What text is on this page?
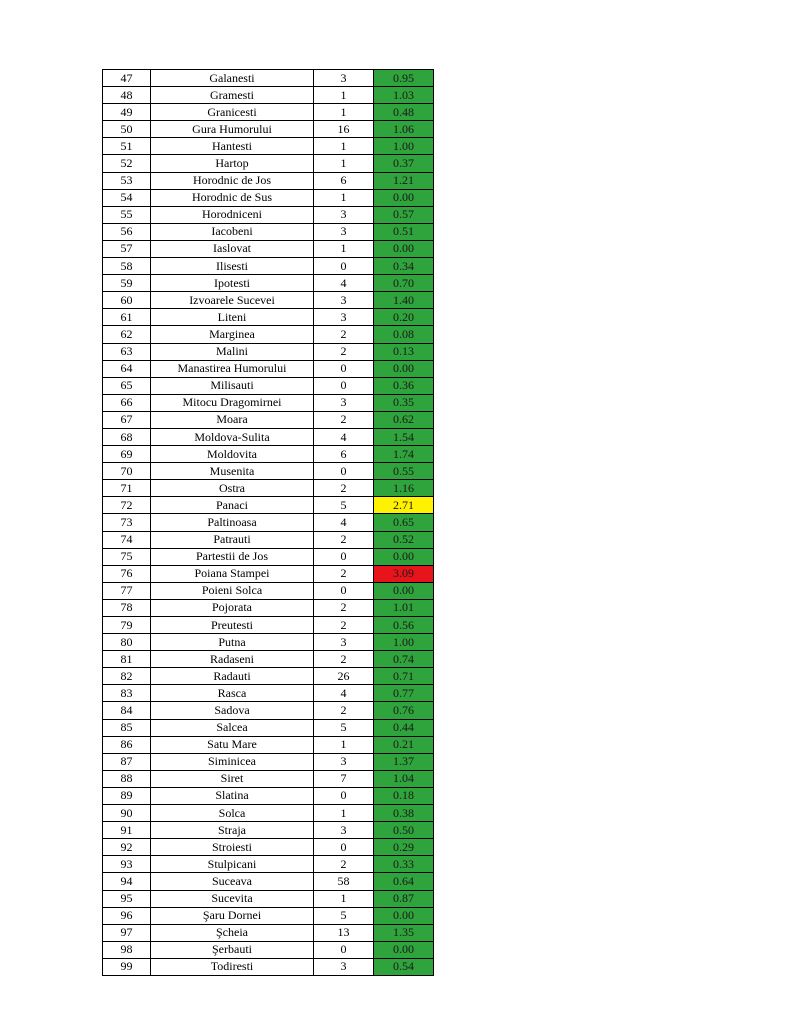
47	Galanesti	3	0.95
48	Gramesti	1	1.03
49	Granicesti	1	0.48
50	Gura Humorului	16	1.06
51	Hantesti	1	1.00
52	Hartop	1	0.37
53	Horodnic de Jos	6	1.21
54	Horodnic de Sus	1	0.00
55	Horodniceni	3	0.57
56	Iacobeni	3	0.51
57	Iaslovat	1	0.00
58	Ilisesti	0	0.34
59	Ipotesti	4	0.70
60	Izvoarele Sucevei	3	1.40
61	Liteni	3	0.20
62	Marginea	2	0.08
63	Malini	2	0.13
64	Manastirea Humorului	0	0.00
65	Milisauti	0	0.36
66	Mitocu Dragomirnei	3	0.35
67	Moara	2	0.62
68	Moldova-Sulita	4	1.54
69	Moldovita	6	1.74
70	Musenita	0	0.55
71	Ostra	2	1.16
72	Panaci	5	2.71
73	Paltinoasa	4	0.65
74	Patrauti	2	0.52
75	Partestii de Jos	0	0.00
76	Poiana Stampei	2	3.09
77	Poieni Solca	0	0.00
78	Pojorata	2	1.01
79	Preutesti	2	0.56
80	Putna	3	1.00
81	Radaseni	2	0.74
82	Radauti	26	0.71
83	Rasca	4	0.77
84	Sadova	2	0.76
85	Salcea	5	0.44
86	Satu Mare	1	0.21
87	Siminicea	3	1.37
88	Siret	7	1.04
89	Slatina	0	0.18
90	Solca	1	0.38
91	Straja	3	0.50
92	Stroiesti	0	0.29
93	Stulpicani	2	0.33
94	Suceava	58	0.64
95	Sucevita	1	0.87
96	Şaru Dornei	5	0.00
97	Şcheia	13	1.35
98	Şerbauti	0	0.00
99	Todiresti	3	0.54
